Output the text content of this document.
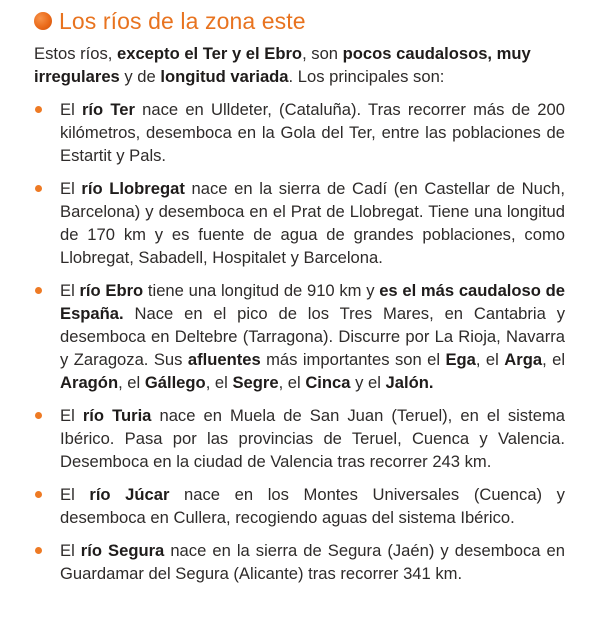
Los ríos de la zona este
Estos ríos, excepto el Ter y el Ebro, son pocos caudalosos, muy irregulares y de longitud variada. Los principales son:
El río Ter nace en Ulldeter, (Cataluña). Tras recorrer más de 200 kilómetros, desemboca en la Gola del Ter, entre las poblaciones de Estartit y Pals.
El río Llobregat nace en la sierra de Cadí (en Castellar de Nuch, Barcelona) y desemboca en el Prat de Llobregat. Tiene una longitud de 170 km y es fuente de agua de grandes poblaciones, como Llobregat, Sabadell, Hospitalet y Barcelona.
El río Ebro tiene una longitud de 910 km y es el más caudaloso de España. Nace en el pico de los Tres Mares, en Cantabria y desemboca en Deltebre (Tarragona). Discurre por La Rioja, Navarra y Zaragoza. Sus afluentes más importantes son el Ega, el Arga, el Aragón, el Gállego, el Segre, el Cinca y el Jalón.
El río Turia nace en Muela de San Juan (Teruel), en el sistema Ibérico. Pasa por las provincias de Teruel, Cuenca y Valencia. Desemboca en la ciudad de Valencia tras recorrer 243 km.
El río Júcar nace en los Montes Universales (Cuenca) y desemboca en Cullera, recogiendo aguas del sistema Ibérico.
El río Segura nace en la sierra de Segura (Jaén) y desemboca en Guardamar del Segura (Alicante) tras recorrer 341 km.
